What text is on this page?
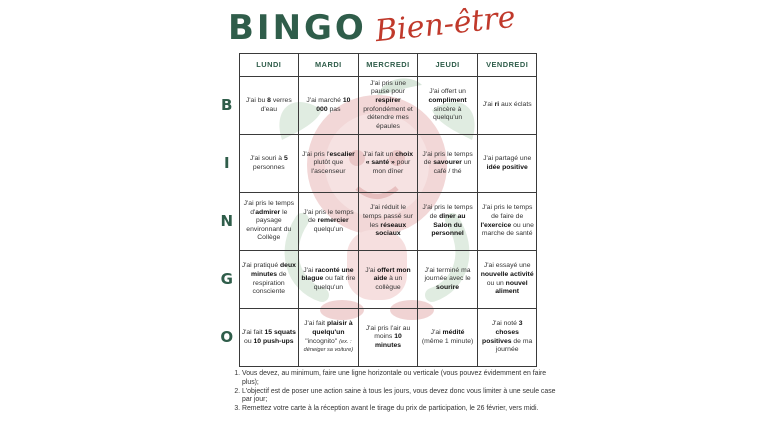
BINGO Bien-être
	LUNDI	MARDI	MERCREDI	JEUDI	VENDREDI
B	J'ai bu 8 verres d'eau	J'ai marché 10 000 pas	J'ai pris une pause pour respirer profondément et détendre mes épaules	J'ai offert un compliment sincère à quelqu'un	J'ai ri aux éclats
I	J'ai souri à 5 personnes	J'ai pris l'escalier plutôt que l'ascenseur	J'ai fait un choix « santé » pour mon dîner	J'ai pris le temps de savourer un café / thé	J'ai partagé une idée positive
N	J'ai pris le temps d'admirer le paysage environnant du Collège	J'ai pris le temps de remercier quelqu'un	J'ai réduit le temps passé sur les réseaux sociaux	J'ai pris le temps de dîner au Salon du personnel	J'ai pris le temps de faire de l'exercice ou une marche de santé
G	J'ai pratiqué deux minutes de respiration consciente	J'ai raconté une blague ou fait rire quelqu'un	J'ai offert mon aide à un collègue	J'ai terminé ma journée avec le sourire	J'ai essayé une nouvelle activité ou un nouvel aliment
O	J'ai fait 15 squats ou 10 push-ups	J'ai fait plaisir à quelqu'un "incognito" (ex. : déneiger sa voiture)	J'ai pris l'air au moins 10 minutes	J'ai médité (même 1 minute)	J'ai noté 3 choses positives de ma journée
1. Vous devez, au minimum, faire une ligne horizontale ou verticale (vous pouvez évidemment en faire plus);
2. L'objectif est de poser une action saine à tous les jours, vous devez donc vous limiter à une seule case par jour;
3. Remettez votre carte à la réception avant le tirage du prix de participation, le 26 février, vers midi.
